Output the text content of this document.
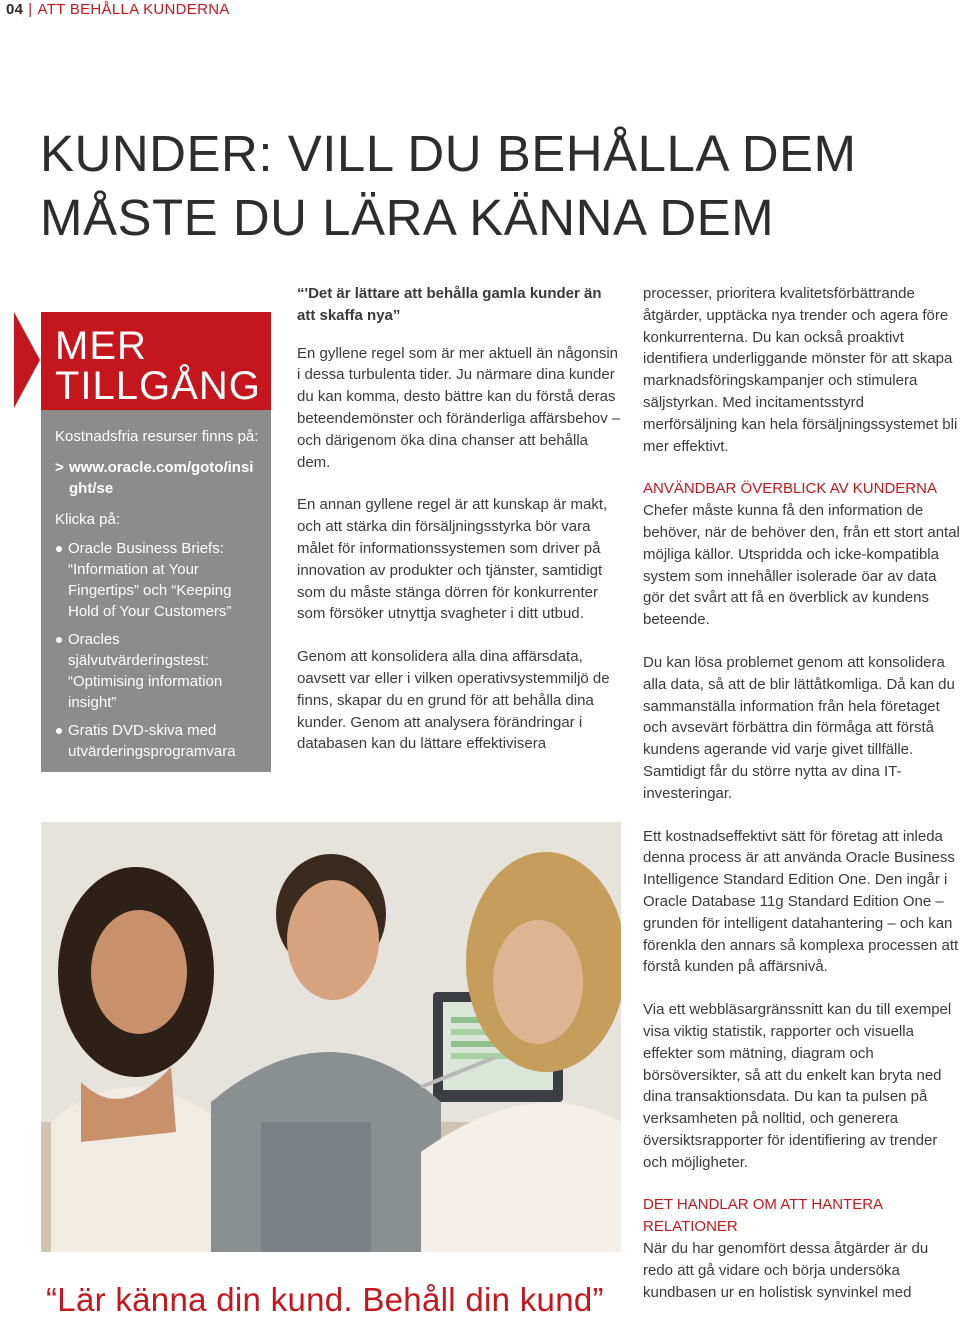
04 | ATT BEHÅLLA KUNDERNA
KUNDER: VILL DU BEHÅLLA DEM
MÅSTE DU LÄRA KÄNNA DEM
MER
TILLGÅNG
Kostnadsfria resurser finns på:
> www.oracle.com/goto/insight/se
Klicka på:
Oracle Business Briefs: “Information at Your Fingertips” och “Keeping Hold of Your Customers”
Oracles självutvärderingstest: “Optimising information insight”
Gratis DVD-skiva med utvärderingsprogramvara

“'Det är lättare att behålla gamla kunder än att skaffa nya”

En gyllene regel som är mer aktuell än någonsin i dessa turbulenta tider. Ju närmare dina kunder du kan komma, desto bättre kan du förstå deras beteendemönster och föränderliga affärsbehov – och därigenom öka dina chanser att behålla dem.

En annan gyllene regel är att kunskap är makt, och att stärka din försäljningsstyrka bör vara målet för informationssystemen som driver på innovation av produkter och tjänster, samtidigt som du måste stänga dörren för konkurrenter som försöker utnyttja svagheter i ditt utbud.

Genom att konsolidera alla dina affärsdata, oavsett var eller i vilken operativsystemmiljö de finns, skapar du en grund för att behålla dina kunder. Genom att analysera förändringar i databasen kan du lättare effektivisera

processer, prioritera kvalitetsförbättrande åtgärder, upptäcka nya trender och agera före konkurrenterna. Du kan också proaktivt identifiera underliggande mönster för att skapa marknadsföringskampanjer och stimulera säljstyrkan. Med incitamentsstyrd merförsäljning kan hela försäljningssystemet bli mer effektivt.

ANVÄNDBAR ÖVERBLICK AV KUNDERNA

Chefer måste kunna få den information de behöver, när de behöver den, från ett stort antal möjliga källor. Utspridda och icke-kompatibla system som innehåller isolerade öar av data gör det svårt att få en överblick av kundens beteende.

Du kan lösa problemet genom att konsolidera alla data, så att de blir lättåtkomliga. Då kan du sammanställa information från hela företaget och avsevärt förbättra din förmåga att förstå kundens agerande vid varje givet tillfälle. Samtidigt får du större nytta av dina IT-investeringar.

Ett kostnadseffektivt sätt för företag att inleda denna process är att använda Oracle Business Intelligence Standard Edition One. Den ingår i Oracle Database 11g Standard Edition One – grunden för intelligent datahantering – och kan förenkla den annars så komplexa processen att förstå kunden på affärsnivå.

Via ett webbläsargränssnitt kan du till exempel visa viktig statistik, rapporter och visuella effekter som mätning, diagram och börsöversikter, så att du enkelt kan bryta ned dina transaktionsdata. Du kan ta pulsen på verksamheten på nolltid, och generera översiktsrapporter för identifiering av trender och möjligheter.

DET HANDLAR OM ATT HANTERA RELATIONER

När du har genomfört dessa åtgärder är du redo att gå vidare och börja undersöka kundbasen ur en holistisk synvinkel med

“Lär känna din kund. Behåll din kund”
